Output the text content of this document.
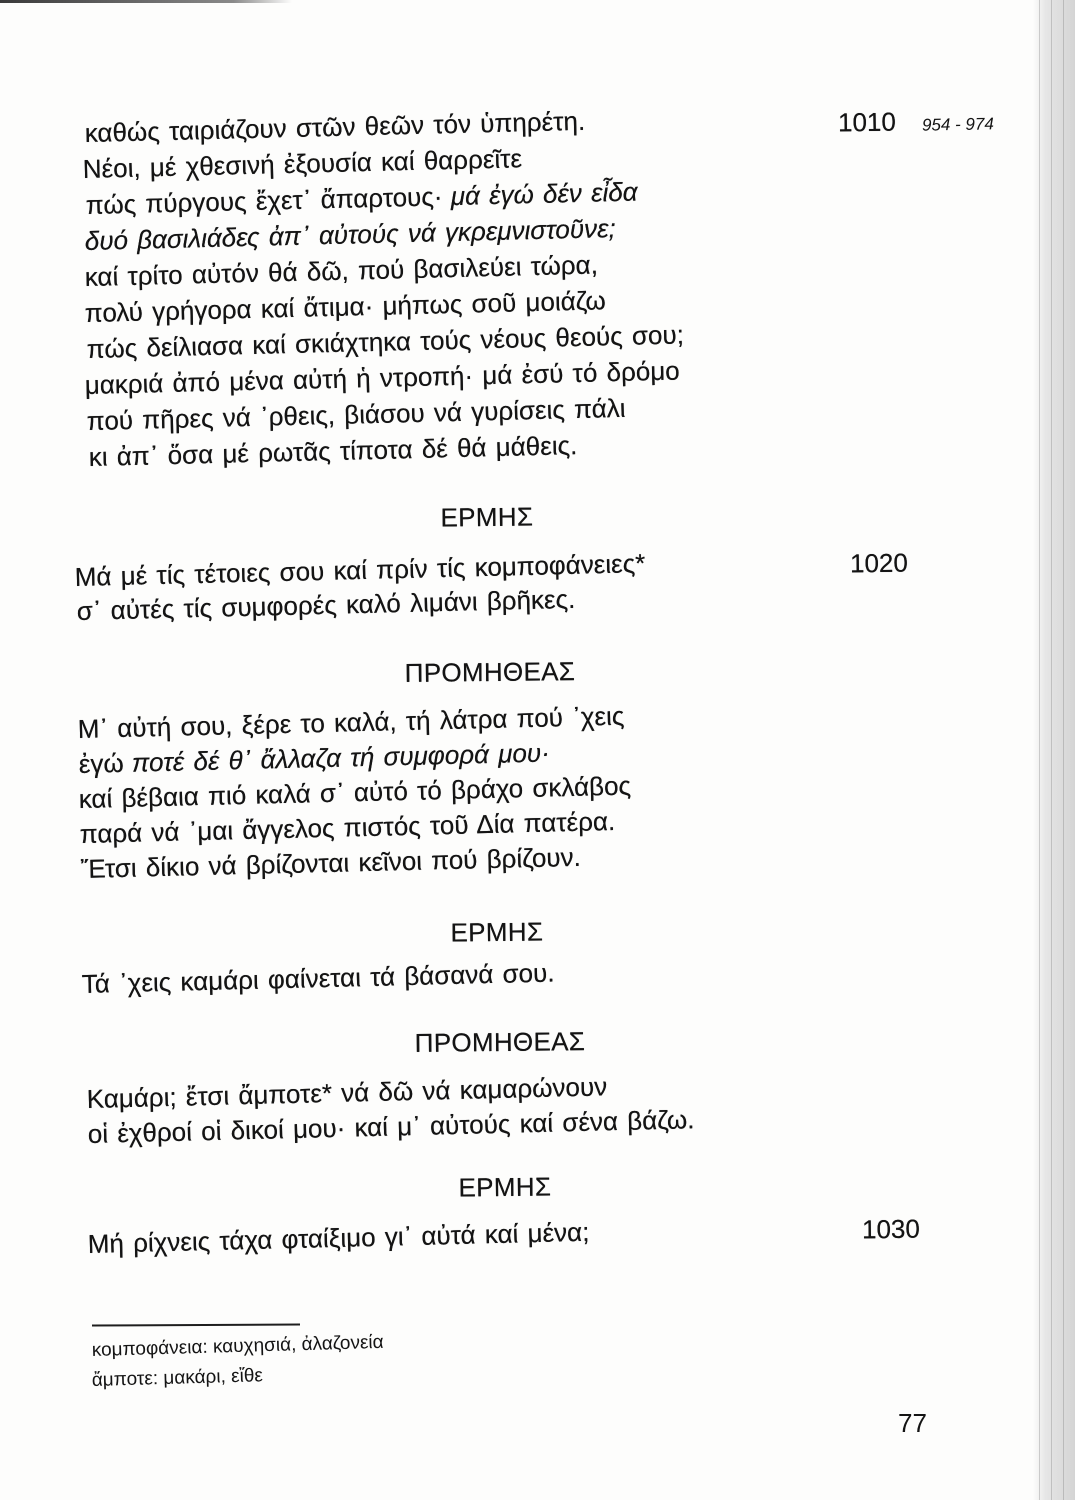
1010 954 - 974
καθώς ταιριάζουν στῶν θεῶν τόν ὑπηρέτη.
Νέοι, μέ χθεσινή ἐξουσία καί θαρρεῖτε
πώς πύργους ἔχετ᾽ ἄπαρτους· μά ἐγώ δέν εἶδα
δυό βασιλιάδες ἀπ᾽ αὐτούς νά γκρεμνιστοῦνε;
καί τρίτο αὐτόν θά δῶ, πού βασιλεύει τώρα,
πολύ γρήγορα καί ἄτιμα· μήπως σοῦ μοιάζω
πώς δείλιασα καί σκιάχτηκα τούς νέους θεούς σου;
μακριά ἀπό μένα αὐτή ἡ ντροπή· μά ἐσύ τό δρόμο
πού πῆρες νά ᾽ρθεις, βιάσου νά γυρίσεις πάλι
κι ἀπ᾽ ὅσα μέ ρωτᾶς τίποτα δέ θά μάθεις.
ΕΡΜΗΣ
1020
Μά μέ τίς τέτοιες σου καί πρίν τίς κομποφάνειες*
σ᾽ αὐτές τίς συμφορές καλό λιμάνι βρῆκες.
ΠΡΟΜΗΘΕΑΣ
Μ᾽ αὐτή σου, ξέρε το καλά, τή λάτρα πού ᾽χεις
ἐγώ ποτέ δέ θ᾽ ἄλλαζα τή συμφορά μου·
καί βέβαια πιό καλά σ᾽ αὐτό τό βράχο σκλάβος
παρά νά ᾽μαι ἄγγελος πιστός τοῦ Δία πατέρα.
Ἔτσι δίκιο νά βρίζονται κεῖνοι πού βρίζουν.
ΕΡΜΗΣ
Τά ᾽χεις καμάρι φαίνεται τά βάσανά σου.
ΠΡΟΜΗΘΕΑΣ
Καμάρι; ἔτσι ἄμποτε* νά δῶ νά καμαρώνουν
οἱ ἐχθροί οἱ δικοί μου· καί μ᾽ αὐτούς καί σένα βάζω.
ΕΡΜΗΣ
1030
Μή ρίχνεις τάχα φταίξιμο γι᾽ αὐτά καί μένα;
κομποφάνεια: καυχησιά, ἀλαζονεία
ἄμποτε: μακάρι, εἴθε
77
